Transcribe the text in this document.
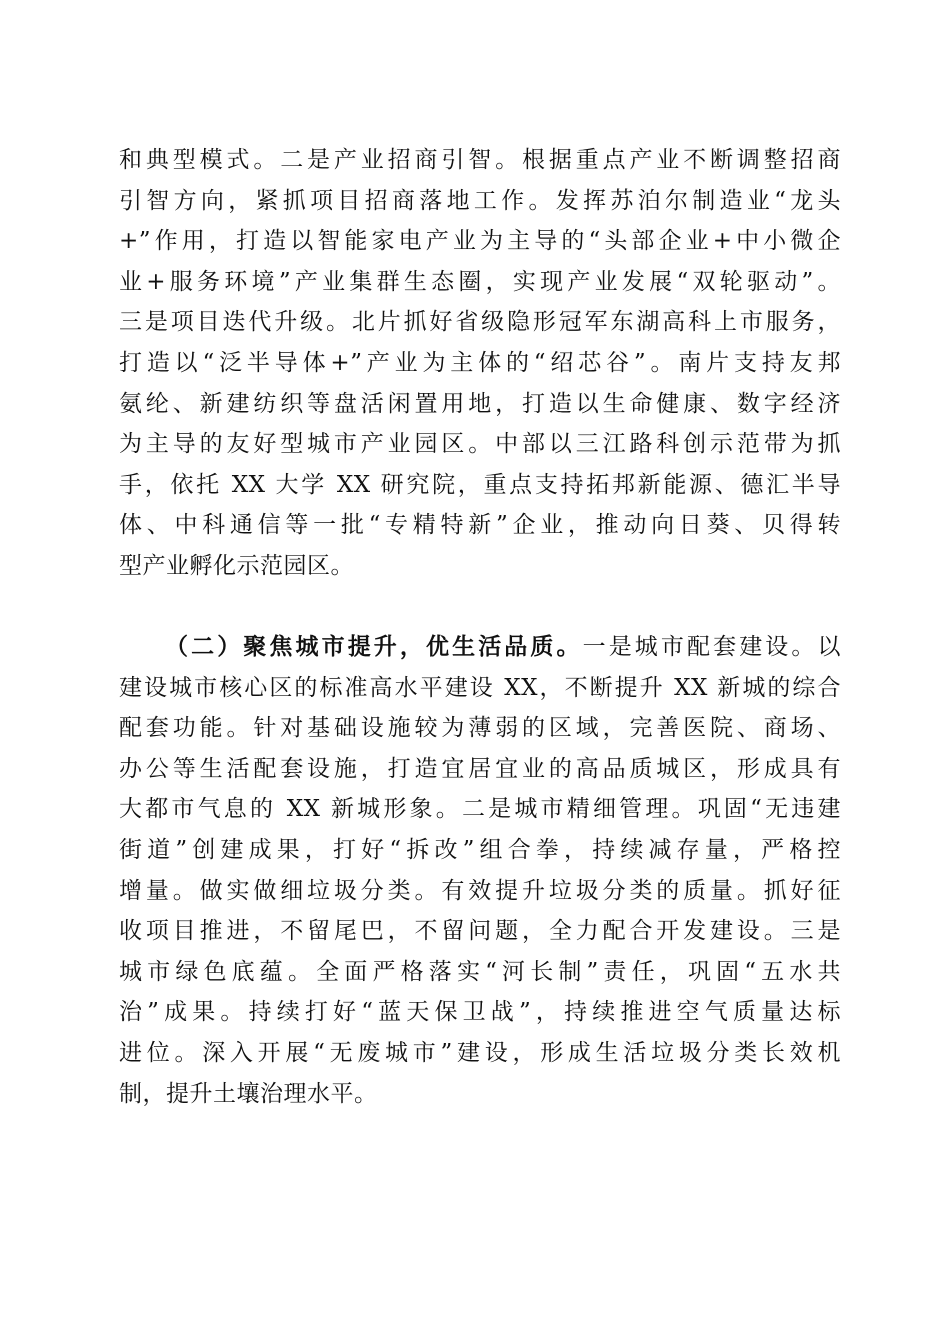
和典型模式。二是产业招商引智。根据重点产业不断调整招商
引智方向，紧抓项目招商落地工作。发挥苏泊尔制造业“龙头
+”作用，打造以智能家电产业为主导的“头部企业+中小微企
业+服务环境”产业集群生态圈，实现产业发展“双轮驱动”。
三是项目迭代升级。北片抓好省级隐形冠军东湖高科上市服务，
打造以“泛半导体+”产业为主体的“绍芯谷”。南片支持友邦
氨纶、新建纺织等盘活闲置用地，打造以生命健康、数字经济
为主导的友好型城市产业园区。中部以三江路科创示范带为抓
手，依托 XX 大学 XX 研究院，重点支持拓邦新能源、德汇半导
体、中科通信等一批“专精特新”企业，推动向日葵、贝得转
型产业孵化示范园区。
（二）聚焦城市提升，优生活品质。一是城市配套建设。以
建设城市核心区的标准高水平建设 XX，不断提升 XX 新城的综合
配套功能。针对基础设施较为薄弱的区域，完善医院、商场、
办公等生活配套设施，打造宜居宜业的高品质城区，形成具有
大都市气息的 XX 新城形象。二是城市精细管理。巩固“无违建
街道”创建成果，打好“拆改”组合拳，持续减存量，严格控
增量。做实做细垃圾分类。有效提升垃圾分类的质量。抓好征
收项目推进，不留尾巴，不留问题，全力配合开发建设。三是
城市绿色底蕴。全面严格落实“河长制”责任，巩固“五水共
治”成果。持续打好“蓝天保卫战”，持续推进空气质量达标
进位。深入开展“无废城市”建设，形成生活垃圾分类长效机
制，提升土壤治理水平。
